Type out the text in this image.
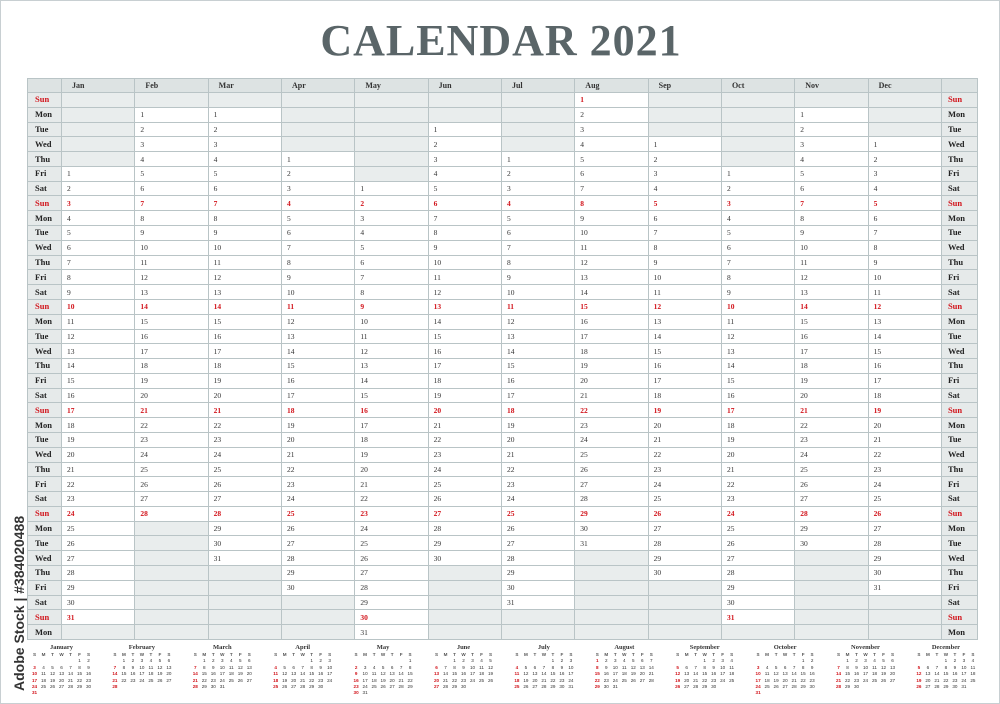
CALENDAR 2021
	Jan	Feb	Mar	Apr	May	Jun	Jul	Aug	Sep	Oct	Nov	Dec	
Sun								1					Sun
Mon		1	1					2			1		Mon
Tue		2	2			1		3			2		Tue
Wed		3	3			2		4	1		3	1	Wed
Thu		4	4	1		3	1	5	2		4	2	Thu
Fri	1	5	5	2		4	2	6	3	1	5	3	Fri
Sat	2	6	6	3	1	5	3	7	4	2	6	4	Sat
Sun	3	7	7	4	2	6	4	8	5	3	7	5	Sun
Mon	4	8	8	5	3	7	5	9	6	4	8	6	Mon
Tue	5	9	9	6	4	8	6	10	7	5	9	7	Tue
Wed	6	10	10	7	5	9	7	11	8	6	10	8	Wed
Thu	7	11	11	8	6	10	8	12	9	7	11	9	Thu
Fri	8	12	12	9	7	11	9	13	10	8	12	10	Fri
Sat	9	13	13	10	8	12	10	14	11	9	13	11	Sat
Sun	10	14	14	11	9	13	11	15	12	10	14	12	Sun
Mon	11	15	15	12	10	14	12	16	13	11	15	13	Mon
Tue	12	16	16	13	11	15	13	17	14	12	16	14	Tue
Wed	13	17	17	14	12	16	14	18	15	13	17	15	Wed
Thu	14	18	18	15	13	17	15	19	16	14	18	16	Thu
Fri	15	19	19	16	14	18	16	20	17	15	19	17	Fri
Sat	16	20	20	17	15	19	17	21	18	16	20	18	Sat
Sun	17	21	21	18	16	20	18	22	19	17	21	19	Sun
Mon	18	22	22	19	17	21	19	23	20	18	22	20	Mon
Tue	19	23	23	20	18	22	20	24	21	19	23	21	Tue
Wed	20	24	24	21	19	23	21	25	22	20	24	22	Wed
Thu	21	25	25	22	20	24	22	26	23	21	25	23	Thu
Fri	22	26	26	23	21	25	23	27	24	22	26	24	Fri
Sat	23	27	27	24	22	26	24	28	25	23	27	25	Sat
Sun	24	28	28	25	23	27	25	29	26	24	28	26	Sun
Mon	25		29	26	24	28	26	30	27	25	29	27	Mon
Tue	26		30	27	25	29	27	31	28	26	30	28	Tue
Wed	27		31	28	26	30	28		29	27		29	Wed
Thu	28			29	27		29		30	28		30	Thu
Fri	29			30	28		30			29		31	Fri
Sat	30				29		31			30			Sat
Sun	31				30					31			Sun
Mon					31								Mon
January
S	M	T	W	T	F	S
					1	2
3	4	5	6	7	8	9
10	11	12	13	14	15	16
17	18	19	20	21	22	23
24	25	26	27	28	29	30
31						
February
S	M	T	W	T	F	S
	1	2	3	4	5	6
7	8	9	10	11	12	13
14	15	16	17	18	19	20
21	22	23	24	25	26	27
28						
March
S	M	T	W	T	F	S
	1	2	3	4	5	6
7	8	9	10	11	12	13
14	15	16	17	18	19	20
21	22	23	24	25	26	27
28	29	30	31			
April
S	M	T	W	T	F	S
				1	2	3
4	5	6	7	8	9	10
11	12	13	14	15	16	17
18	19	20	21	22	23	24
25	26	27	28	29	30	
May
S	M	T	W	T	F	S
						1
2	3	4	5	6	7	8
9	10	11	12	13	14	15
16	17	18	19	20	21	22
23	24	25	26	27	28	29
30	31					
June
S	M	T	W	T	F	S
		1	2	3	4	5
6	7	8	9	10	11	12
13	14	15	16	17	18	19
20	21	22	23	24	25	26
27	28	29	30			
July
S	M	T	W	T	F	S
				1	2	3
4	5	6	7	8	9	10
11	12	13	14	15	16	17
18	19	20	21	22	23	24
25	26	27	28	29	30	31
August
S	M	T	W	T	F	S
1	2	3	4	5	6	7
8	9	10	11	12	13	14
15	16	17	18	19	20	21
22	23	24	25	26	27	28
29	30	31				
September
S	M	T	W	T	F	S
			1	2	3	4
5	6	7	8	9	10	11
12	13	14	15	16	17	18
19	20	21	22	23	24	25
26	27	28	29	30		
October
S	M	T	W	T	F	S
					1	2
3	4	5	6	7	8	9
10	11	12	13	14	15	16
17	18	19	20	21	22	23
24	25	26	27	28	29	30
31						
November
S	M	T	W	T	F	S
	1	2	3	4	5	6
7	8	9	10	11	12	13
14	15	16	17	18	19	20
21	22	23	24	25	26	27
28	29	30				
December
S	M	T	W	T	F	S
			1	2	3	4
5	6	7	8	9	10	11
12	13	14	15	16	17	18
19	20	21	22	23	24	25
26	27	28	29	30	31	
Adobe Stock | #384020488
